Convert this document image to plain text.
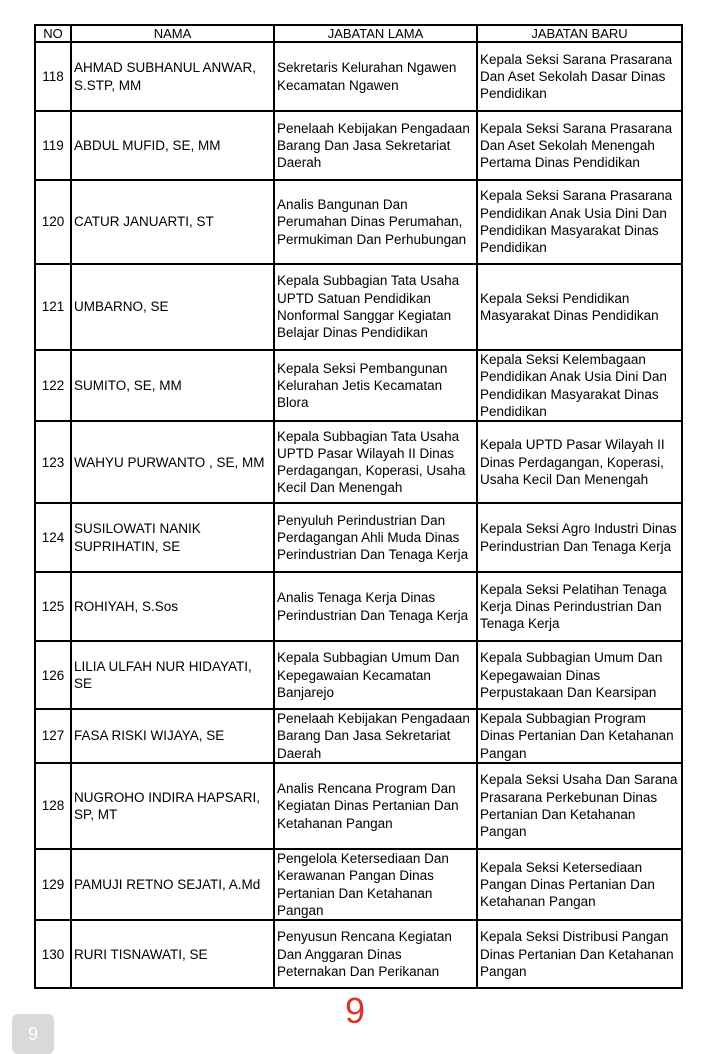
NO	NAMA	JABATAN LAMA	JABATAN BARU
118	AHMAD SUBHANUL ANWAR, S.STP, MM	Sekretaris Kelurahan Ngawen Kecamatan Ngawen	Kepala Seksi Sarana Prasarana Dan Aset Sekolah Dasar Dinas Pendidikan
119	ABDUL MUFID, SE, MM	Penelaah Kebijakan Pengadaan Barang Dan Jasa Sekretariat Daerah	Kepala Seksi Sarana Prasarana Dan Aset Sekolah Menengah Pertama Dinas Pendidikan
120	CATUR JANUARTI, ST	Analis Bangunan Dan Perumahan Dinas Perumahan, Permukiman Dan Perhubungan	Kepala Seksi Sarana Prasarana Pendidikan Anak Usia Dini Dan Pendidikan Masyarakat Dinas Pendidikan
121	UMBARNO, SE	Kepala Subbagian Tata Usaha UPTD Satuan Pendidikan Nonformal Sanggar Kegiatan Belajar Dinas Pendidikan	Kepala Seksi Pendidikan Masyarakat Dinas Pendidikan
122	SUMITO, SE, MM	Kepala Seksi Pembangunan Kelurahan Jetis Kecamatan Blora	Kepala Seksi Kelembagaan Pendidikan Anak Usia Dini Dan Pendidikan Masyarakat Dinas Pendidikan
123	WAHYU PURWANTO , SE, MM	Kepala Subbagian Tata Usaha UPTD Pasar Wilayah II Dinas Perdagangan, Koperasi, Usaha Kecil Dan Menengah	Kepala UPTD Pasar Wilayah II Dinas Perdagangan, Koperasi, Usaha Kecil Dan Menengah
124	SUSILOWATI NANIK SUPRIHATIN, SE	Penyuluh Perindustrian Dan Perdagangan Ahli Muda Dinas Perindustrian Dan Tenaga Kerja	Kepala Seksi Agro Industri Dinas Perindustrian Dan Tenaga Kerja
125	ROHIYAH, S.Sos	Analis Tenaga Kerja Dinas Perindustrian Dan Tenaga Kerja	Kepala Seksi Pelatihan Tenaga Kerja Dinas Perindustrian Dan Tenaga Kerja
126	LILIA ULFAH NUR HIDAYATI, SE	Kepala Subbagian Umum Dan Kepegawaian Kecamatan Banjarejo	Kepala Subbagian Umum Dan Kepegawaian Dinas Perpustakaan Dan Kearsipan
127	FASA RISKI WIJAYA, SE	Penelaah Kebijakan Pengadaan Barang Dan Jasa Sekretariat Daerah	Kepala Subbagian Program Dinas Pertanian Dan Ketahanan Pangan
128	NUGROHO INDIRA HAPSARI, SP, MT	Analis Rencana Program Dan Kegiatan Dinas Pertanian Dan Ketahanan Pangan	Kepala Seksi Usaha Dan Sarana Prasarana Perkebunan Dinas Pertanian Dan Ketahanan Pangan
129	PAMUJI RETNO SEJATI, A.Md	Pengelola Ketersediaan Dan Kerawanan Pangan Dinas Pertanian Dan Ketahanan Pangan	Kepala Seksi Ketersediaan Pangan Dinas Pertanian Dan Ketahanan Pangan
130	RURI TISNAWATI, SE	Penyusun Rencana Kegiatan Dan Anggaran Dinas Peternakan Dan Perikanan	Kepala Seksi Distribusi Pangan Dinas Pertanian Dan Ketahanan Pangan
9
9
